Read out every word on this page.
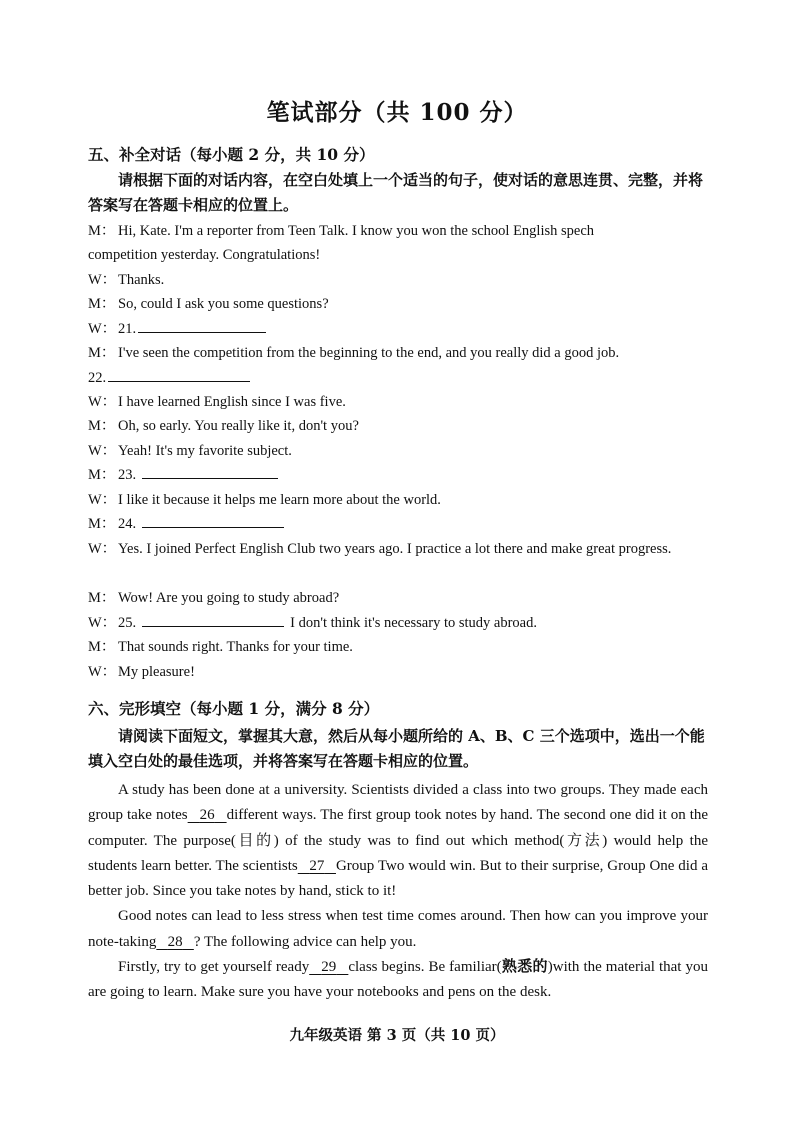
笔试部分（共 100 分）
五、补全对话（每小题 2 分，共 10 分）
请根据下面的对话内容，在空白处填上一个适当的句子，使对话的意思连贯、完整，并将答案写在答题卡相应的位置上。
M： Hi, Kate. I'm a reporter from Teen Talk. I know you won the school English spech
competition yesterday. Congratulations!
W： Thanks.
M： So, could I ask you some questions?
W： 21.
M： I've seen the competition from the beginning to the end, and you really did a good job.
22.
W： I have learned English since I was five.
M： Oh, so early. You really like it, don't you?
W： Yeah! It's my favorite subject.
M： 23.
W： I like it because it helps me learn more about the world.
M： 24.
W： Yes. I joined Perfect English Club two years ago. I practice a lot there and make great progress.
M： Wow! Are you going to study abroad?
W： 25.	I don't think it's necessary to study abroad.
M： That sounds right. Thanks for your time.
W： My pleasure!
六、完形填空（每小题 1 分，满分 8 分）
请阅读下面短文，掌握其大意，然后从每小题所给的 A、B、C 三个选项中，选出一个能填入空白处的最佳选项，并将答案写在答题卡相应的位置。

A study has been done at a university. Scientists divided a class into two groups. They made each group take notes 26 different ways. The first group took notes by hand. The second one did it on the computer. The purpose(目的) of the study was to find out which method(方法) would help the students learn better. The scientists 27 Group Two would win. But to their surprise, Group One did a better job. Since you take notes by hand, stick to it!

Good notes can lead to less stress when test time comes around. Then how can you improve your note-taking 28 ? The following advice can help you.

Firstly, try to get yourself ready 29 class begins. Be familiar(熟悉的)with the material that you are going to learn. Make sure you have your notebooks and pens on the desk.

九年级英语 第 3 页（共 10 页）
